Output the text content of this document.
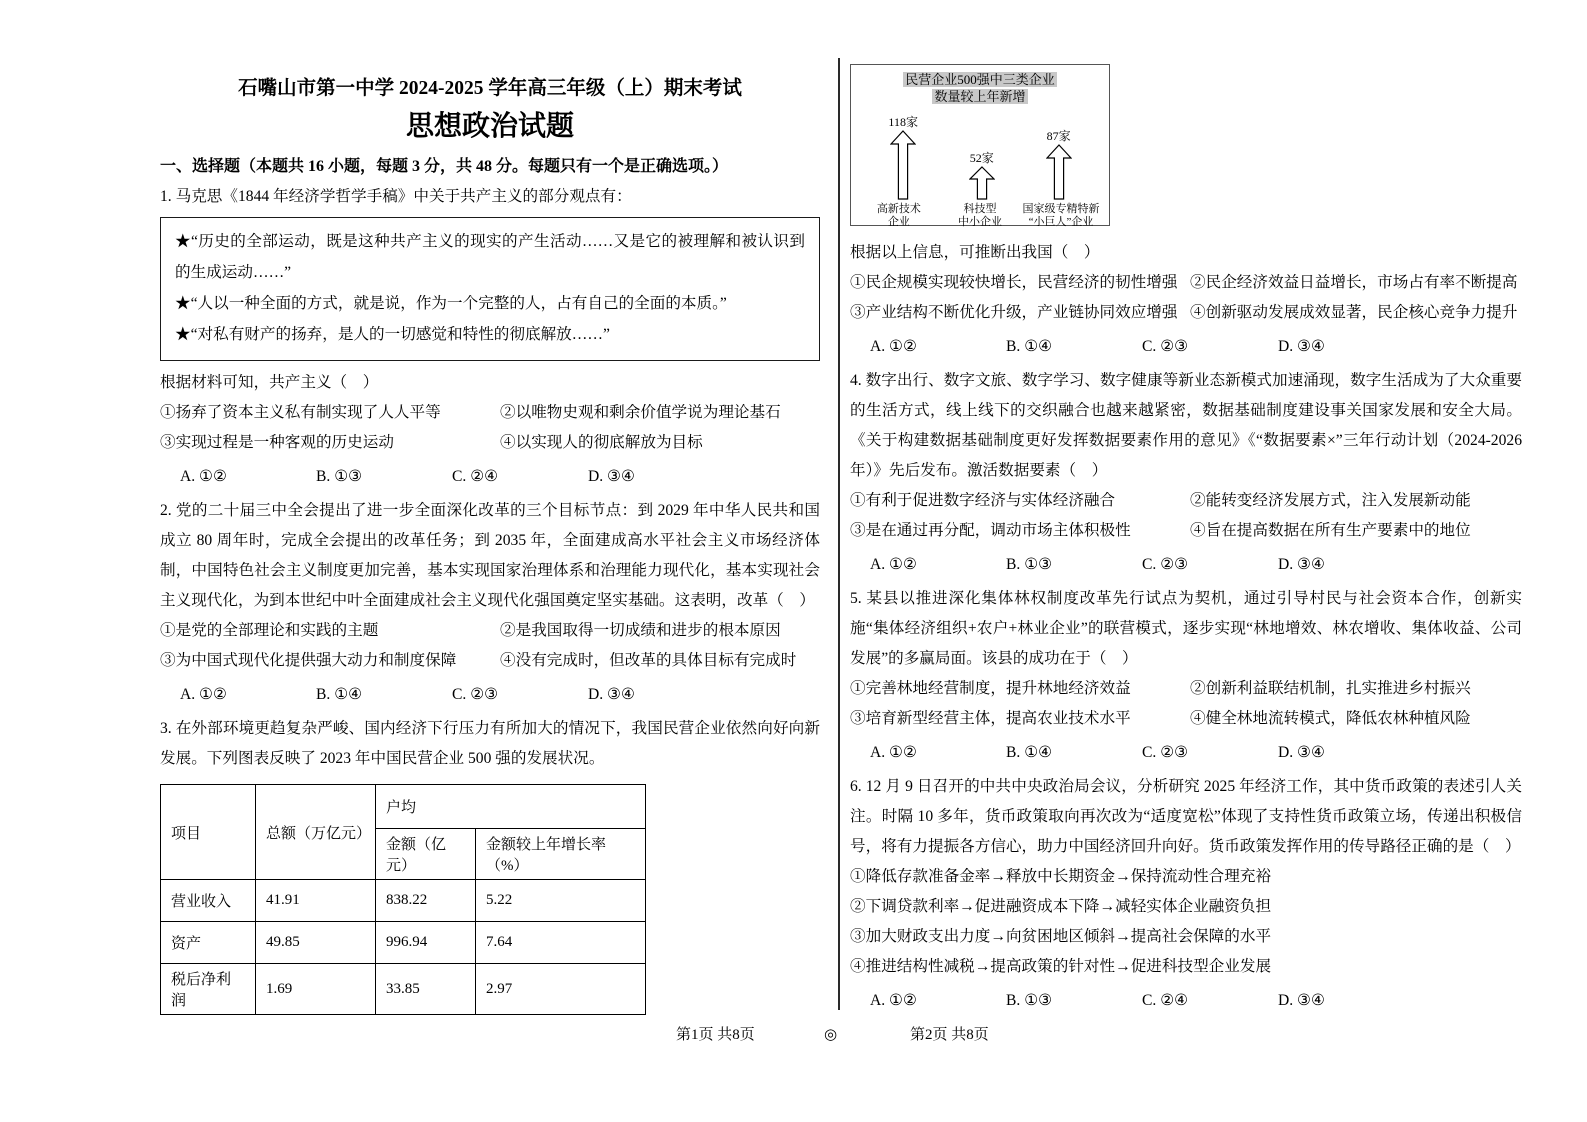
石嘴山市第一中学 2024-2025 学年高三年级（上）期末考试

思想政治试题

一、选择题（本题共 16 小题，每题 3 分，共 48 分。每题只有一个是正确选项。）

1. 马克思《1844 年经济学哲学手稿》中关于共产主义的部分观点有：

★“历史的全部运动，既是这种共产主义的现实的产生活动……又是它的被理解和被认识到的生成运动……”

★“人以一种全面的方式，就是说，作为一个完整的人，占有自己的全面的本质。”

★“对私有财产的扬弃，是人的一切感觉和特性的彻底解放……”

根据材料可知，共产主义（　）

①扬弃了资本主义私有制实现了人人平等	②以唯物史观和剩余价值学说为理论基石
③实现过程是一种客观的历史运动	④以实现人的彻底解放为目标
A. ①②	B. ①③	C. ②④	D. ③④

2. 党的二十届三中全会提出了进一步全面深化改革的三个目标节点：到 2029 年中华人民共和国成立 80 周年时，完成全会提出的改革任务；到 2035 年，全面建成高水平社会主义市场经济体制，中国特色社会主义制度更加完善，基本实现国家治理体系和治理能力现代化，基本实现社会主义现代化，为到本世纪中叶全面建成社会主义现代化强国奠定坚实基础。这表明，改革（　）

①是党的全部理论和实践的主题	②是我国取得一切成绩和进步的根本原因
③为中国式现代化提供强大动力和制度保障	④没有完成时，但改革的具体目标有完成时
A. ①②	B. ①④	C. ②③	D. ③④

3. 在外部环境更趋复杂严峻、国内经济下行压力有所加大的情况下，我国民营企业依然向好向新发展。下列图表反映了 2023 年中国民营企业 500 强的发展状况。

项目	总额（万亿元）	户均	
		金额（亿元）	金额较上年增长率（%）
营业收入	41.91	838.22	5.22
资产	49.85	996.94	7.64
税后净利润	1.69	33.85	2.97

民营企业500强中三类企业

数量较上年新增

118家
52家
87家
高新技术
企业
科技型
中小企业
国家级专精特新
“小巨人”企业

根据以上信息，可推断出我国（　）

①民企规模实现较快增长，民营经济的韧性增强 ②民企经济效益日益增长，市场占有率不断提高
③产业结构不断优化升级，产业链协同效应增强 ④创新驱动发展成效显著，民企核心竞争力提升
A. ①②	B. ①④	C. ②③	D. ③④

4. 数字出行、数字文旅、数字学习、数字健康等新业态新模式加速涌现，数字生活成为了大众重要的生活方式，线上线下的交织融合也越来越紧密，数据基础制度建设事关国家发展和安全大局。《关于构建数据基础制度更好发挥数据要素作用的意见》《“数据要素×”三年行动计划（2024-2026 年）》先后发布。激活数据要素（　）

①有利于促进数字经济与实体经济融合	②能转变经济发展方式，注入发展新动能
③是在通过再分配，调动市场主体积极性	④旨在提高数据在所有生产要素中的地位
A. ①②	B. ①③	C. ②③	D. ③④

5. 某县以推进深化集体林权制度改革先行试点为契机，通过引导村民与社会资本合作，创新实施“集体经济组织+农户+林业企业”的联营模式，逐步实现“林地增效、林农增收、集体收益、公司发展”的多赢局面。该县的成功在于（　）

①完善林地经营制度，提升林地经济效益	②创新利益联结机制，扎实推进乡村振兴
③培育新型经营主体，提高农业技术水平	④健全林地流转模式，降低农林种植风险
A. ①②	B. ①④	C. ②③	D. ③④

6. 12 月 9 日召开的中共中央政治局会议，分析研究 2025 年经济工作，其中货币政策的表述引人关注。时隔 10 多年，货币政策取向再次改为“适度宽松”体现了支持性货币政策立场，传递出积极信号，将有力提振各方信心，助力中国经济回升向好。货币政策发挥作用的传导路径正确的是（　）

①降低存款准备金率→释放中长期资金→保持流动性合理充裕

②下调贷款利率→促进融资成本下降→减轻实体企业融资负担

③加大财政支出力度→向贫困地区倾斜→提高社会保障的水平

④推进结构性减税→提高政策的针对性→促进科技型企业发展

A. ①②	B. ①③	C. ②④	D. ③④
第1页 共8页	◎	第2页 共8页
